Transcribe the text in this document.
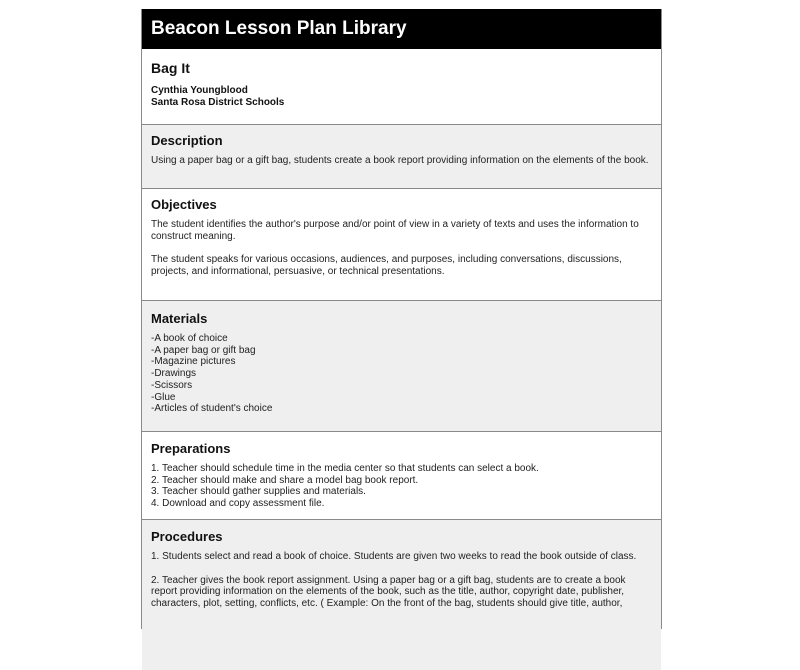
Beacon Lesson Plan Library
Bag It
Cynthia Youngblood
Santa Rosa District Schools
Description

Using a paper bag or a gift bag, students create a book report providing information on the elements of the book.

Objectives

The student identifies the author's purpose and/or point of view in a variety of texts and uses the information to construct meaning.

The student speaks for various occasions, audiences, and purposes, including conversations, discussions, projects, and informational, persuasive, or technical presentations.

Materials
-A book of choice
-A paper bag or gift bag
-Magazine pictures
-Drawings
-Scissors
-Glue
-Articles of student's choice
Preparations
1. Teacher should schedule time in the media center so that students can select a book.
2. Teacher should make and share a model bag book report.
3. Teacher should gather supplies and materials.
4. Download and copy assessment file.
Procedures

1. Students select and read a book of choice. Students are given two weeks to read the book outside of class.

2. Teacher gives the book report assignment. Using a paper bag or a gift bag, students are to create a book report providing information on the elements of the book, such as the title, author, copyright date, publisher, characters, plot, setting, conflicts, etc. ( Example: On the front of the bag, students should give title, author,
